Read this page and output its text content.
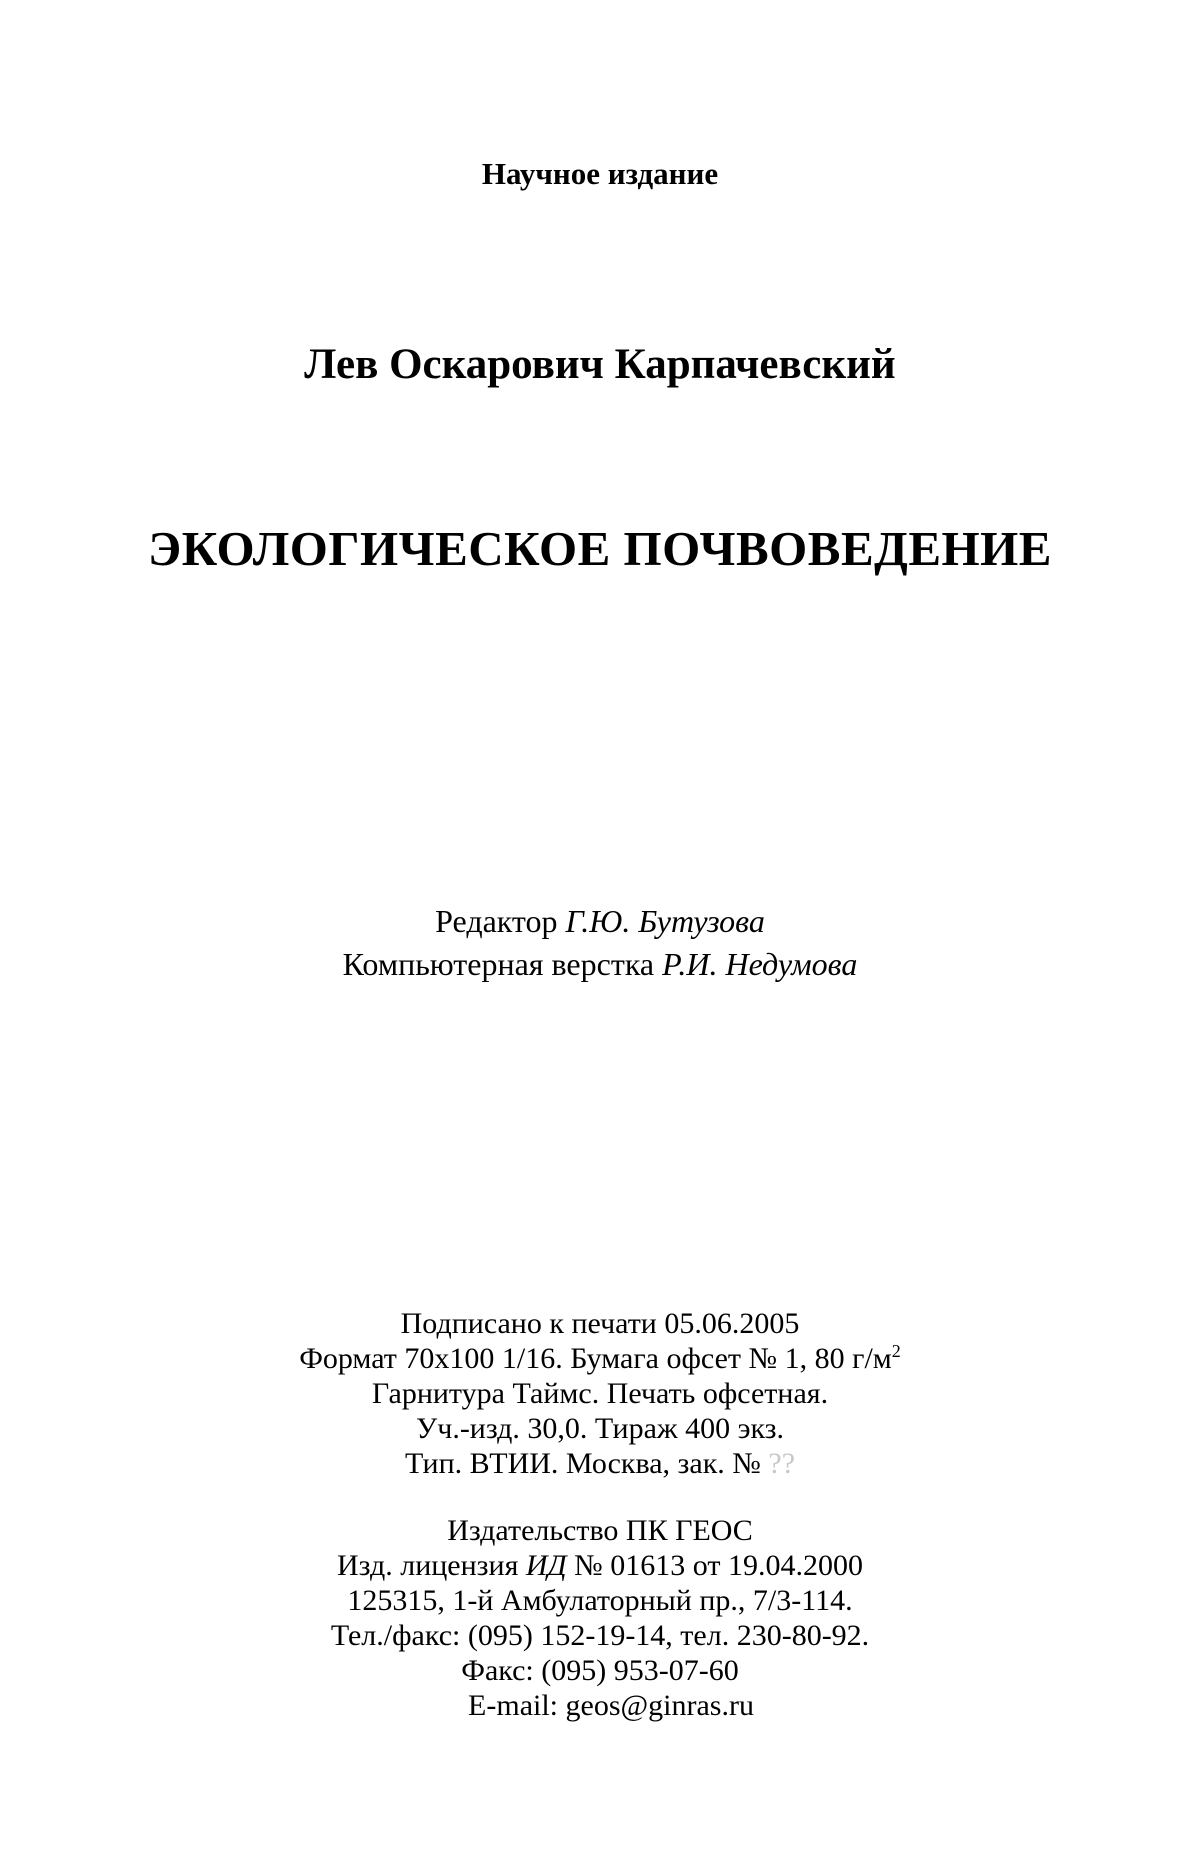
Научное издание
Лев Оскарович Карпачевский
ЭКОЛОГИЧЕСКОЕ ПОЧВОВЕДЕНИЕ
Редактор Г.Ю. Бутузова
Компьютерная верстка Р.И. Недумова
Подписано к печати 05.06.2005
Формат 70x100 1/16. Бумага офсет № 1, 80 $г/м^2$
Гарнитура Таймс. Печать офсетная.
Уч.-изд. 30,0. Тираж 400 экз.
Тип. ВТИИ. Москва, зак. № ??
Издательство ПК ГЕОС
Изд. лицензия ИД № 01613 от 19.04.2000
125315, 1-й Амбулаторный пр., 7/3-114.
Тел./факс: (095) 152-19-14, тел. 230-80-92.
Факс: (095) 953-07-60
E-mail: geos@ginras.ru
